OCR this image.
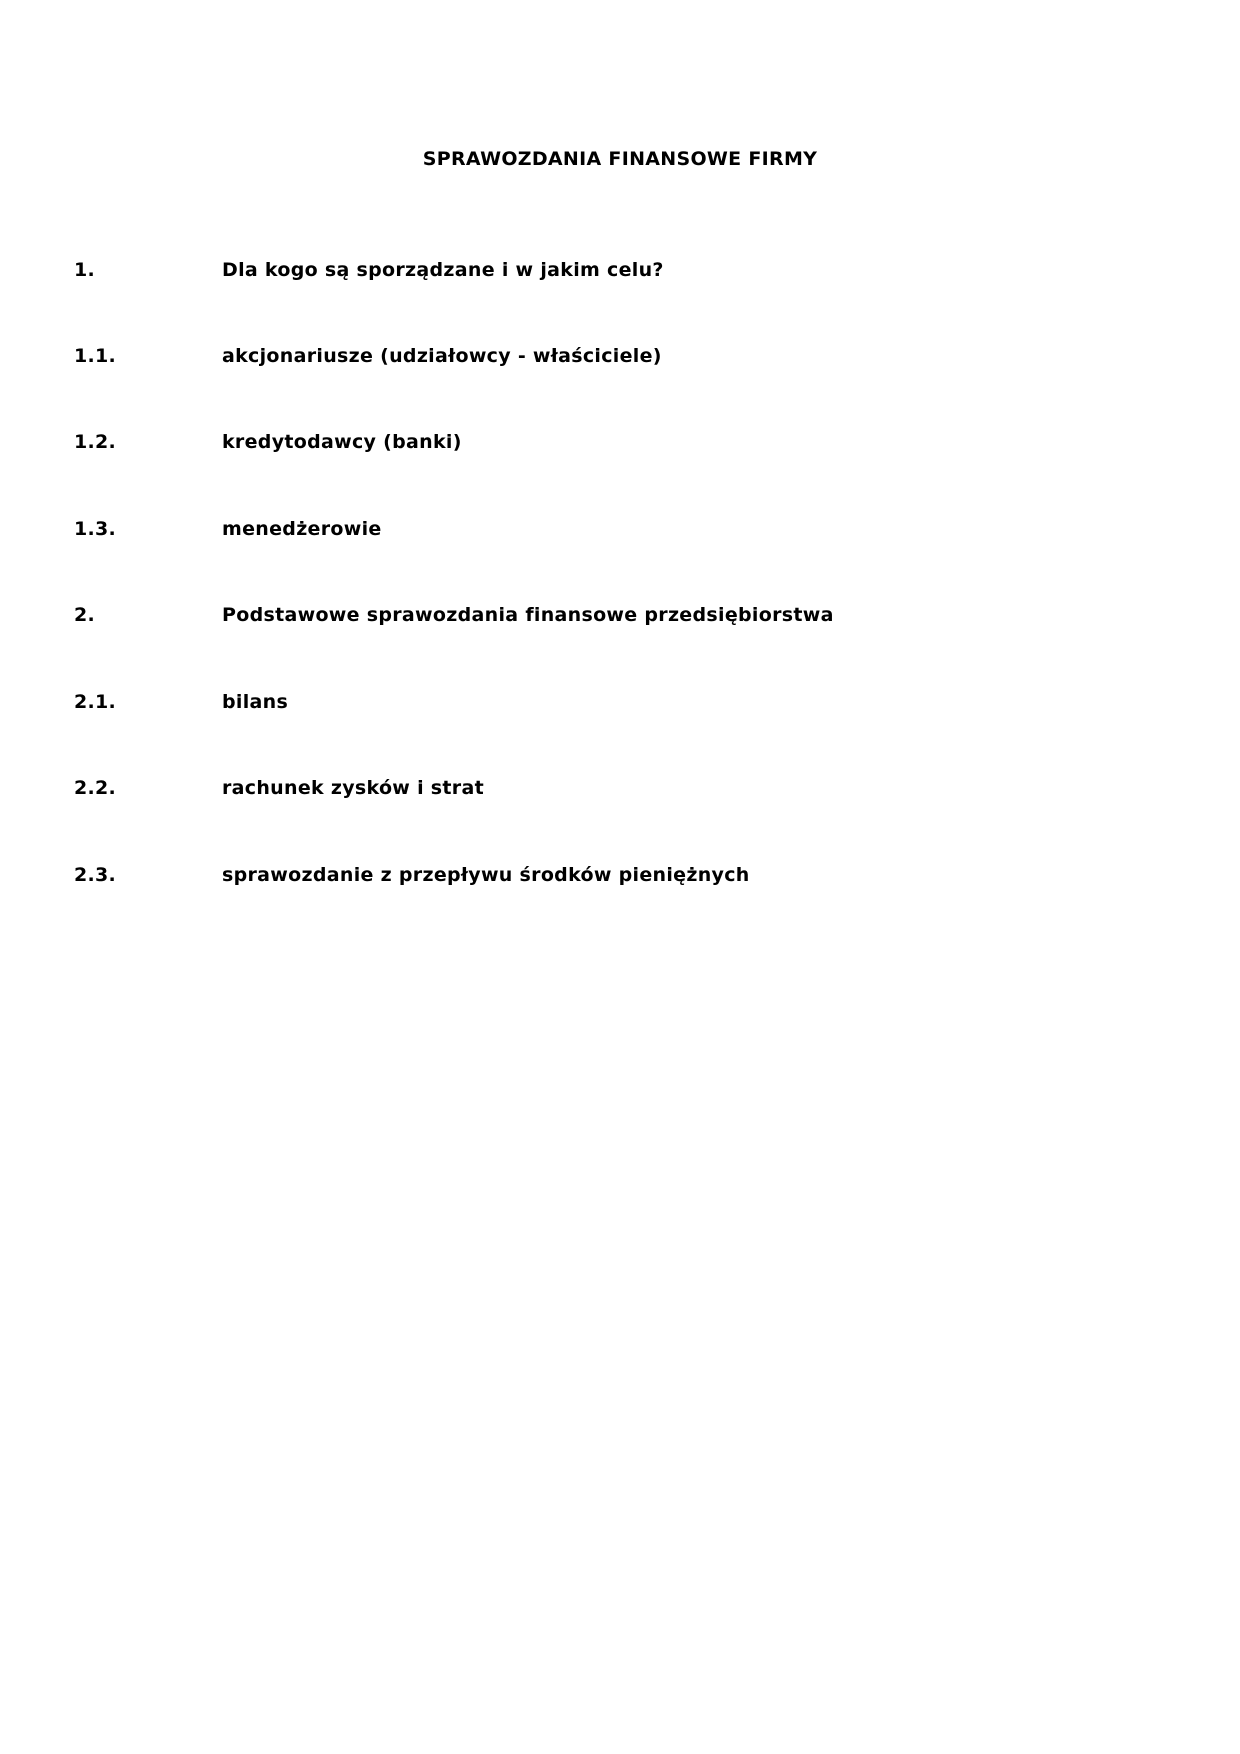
SPRAWOZDANIA FINANSOWE FIRMY
1.	Dla kogo są sporządzane i w jakim celu?
1.1.	akcjonariusze (udziałowcy - właściciele)
1.2.	kredytodawcy (banki)
1.3.	menedżerowie
2.	Podstawowe sprawozdania finansowe przedsiębiorstwa
2.1.	bilans
2.2.	rachunek zysków i strat
2.3.	sprawozdanie z przepływu środków pieniężnych
